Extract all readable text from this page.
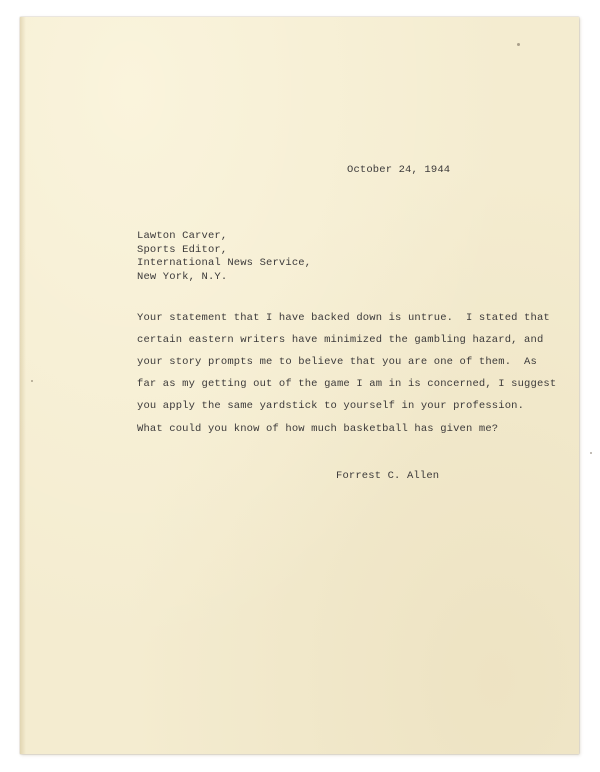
October 24, 1944
Lawton Carver,
Sports Editor,
International News Service,
New York, N.Y.
Your statement that I have backed down is untrue.  I stated that
certain eastern writers have minimized the gambling hazard, and
your story prompts me to believe that you are one of them.  As
far as my getting out of the game I am in is concerned, I suggest
you apply the same yardstick to yourself in your profession.
What could you know of how much basketball has given me?
Forrest C. Allen
